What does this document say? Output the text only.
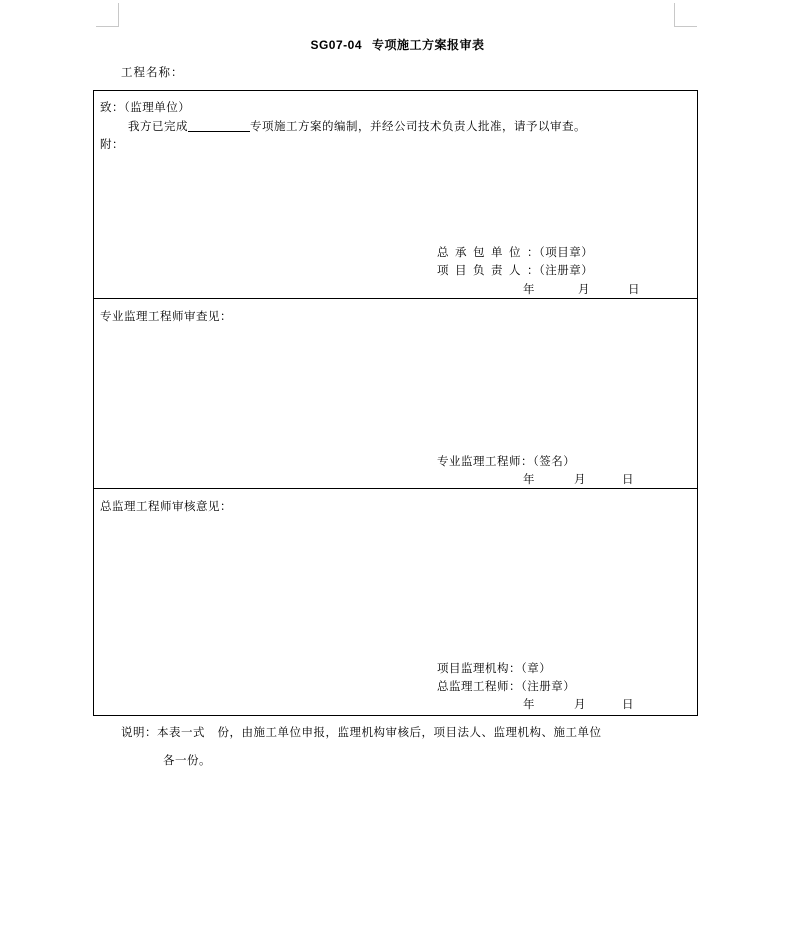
SG07-04 专项施工方案报审表
工程名称：
致：（监理单位）
我方已完成	专项施工方案的编制，并经公司技术负责人批准，请予以审查。
附：
总承包单位：（项目章）
项目负责人：（注册章）
年	月	日
专业监理工程师审查见：
专业监理工程师：（签名）
年	月	日
总监理工程师审核意见：
项目监理机构：（章）
总监理工程师：（注册章）
年	月	日
说明：本表一式   份，由施工单位申报，监理机构审核后，项目法人、监理机构、施工单位
各一份。
